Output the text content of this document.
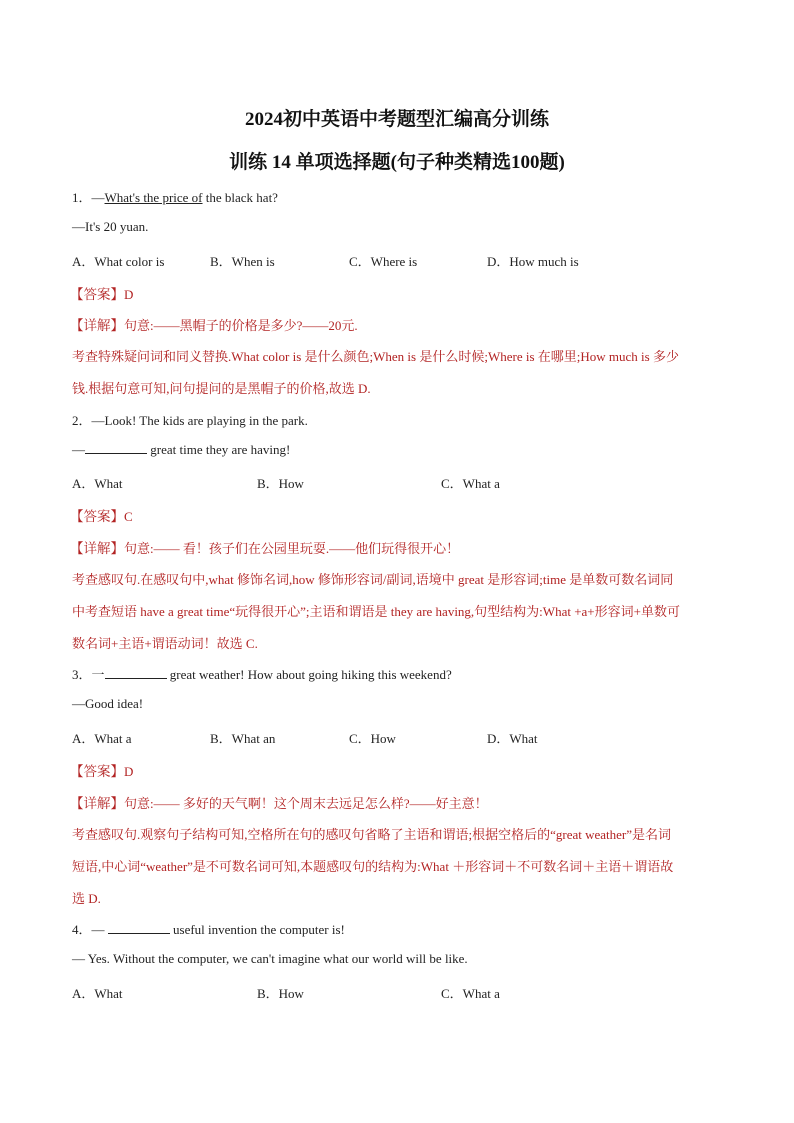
2024初中英语中考题型汇编高分训练
训练 14 单项选择题(句子种类精选100题)
1．—What's the price of the black hat?
—It's 20 yuan.
A．What color is	B．When is	C．Where is	D．How much is
【答案】D
【详解】句意:——黑帽子的价格是多少?——20元.
考查特殊疑问词和同义替换.What color is 是什么颜色;When is 是什么时候;Where is 在哪里;How much is 多少
钱.根据句意可知,问句提问的是黑帽子的价格,故选 D.
2．—Look! The kids are playing in the park.
—	great time they are having!
A．What	B．How	C．What a
【答案】C
【详解】句意:—— 看！孩子们在公园里玩耍.——他们玩得很开心！
考查感叹句.在感叹句中,what 修饰名词,how 修饰形容词/副词,语境中 great 是形容词;time 是单数可数名词同
中考查短语 have a great time“玩得很开心”;主语和谓语是 they are having,句型结构为:What +a+形容词+单数可
数名词+主语+谓语动词！故选 C.
3．一	great weather! How about going hiking this weekend?
—Good idea!
A．What a	B．What an	C．How	D．What
【答案】D
【详解】句意:—— 多好的天气啊！这个周末去远足怎么样?——好主意！
考查感叹句.观察句子结构可知,空格所在句的感叹句省略了主语和谓语;根据空格后的“great weather”是名词
短语,中心词“weather”是不可数名词可知,本题感叹句的结构为:What ＋形容词＋不可数名词＋主语＋谓语故
选 D.
4．—	useful invention the computer is!
— Yes. Without the computer, we can't imagine what our world will be like.
A．What	B．How	C．What a
